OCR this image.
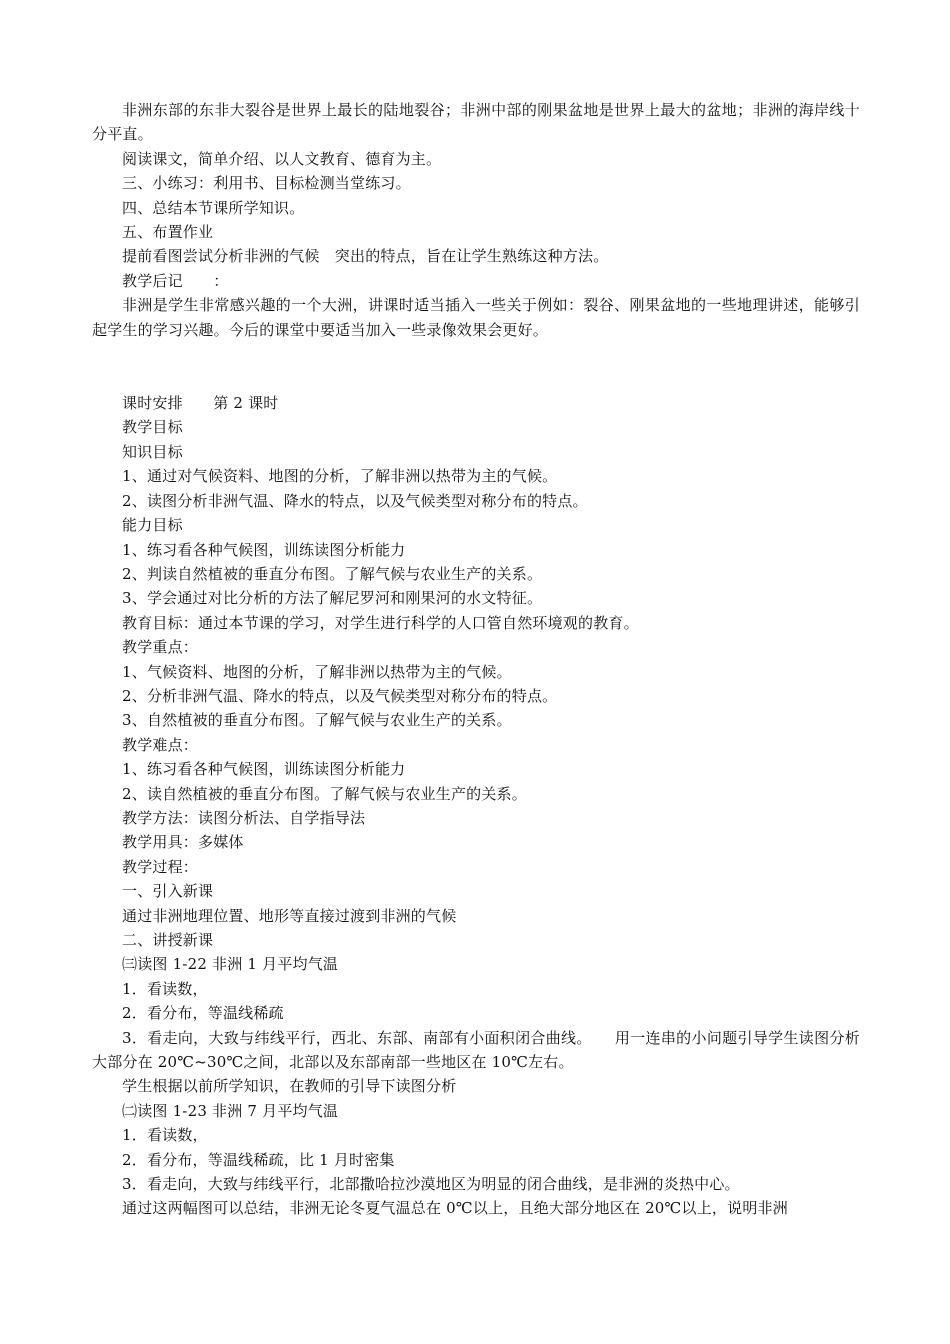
非洲东部的东非大裂谷是世界上最长的陆地裂谷；非洲中部的刚果盆地是世界上最大的盆地；非洲的海岸线十分平直。

阅读课文，简单介绍、以人文教育、德育为主。

三、小练习：利用书、目标检测当堂练习。

四、总结本节课所学知识。

五、布置作业

提前看图尝试分析非洲的气候　突出的特点，旨在让学生熟练这种方法。

教学后记　　：

非洲是学生非常感兴趣的一个大洲，讲课时适当插入一些关于例如：裂谷、刚果盆地的一些地理讲述，能够引起学生的学习兴趣。今后的课堂中要适当加入一些录像效果会更好。

课时安排　　第 2 课时

教学目标

知识目标

1、通过对气候资料、地图的分析，了解非洲以热带为主的气候。

2、读图分析非洲气温、降水的特点，以及气候类型对称分布的特点。

能力目标

1、练习看各种气候图，训练读图分析能力

2、判读自然植被的垂直分布图。了解气候与农业生产的关系。

3、学会通过对比分析的方法了解尼罗河和刚果河的水文特征。

教育目标：通过本节课的学习，对学生进行科学的人口管自然环境观的教育。

教学重点：

1、气候资料、地图的分析，了解非洲以热带为主的气候。

2、分析非洲气温、降水的特点，以及气候类型对称分布的特点。

3、自然植被的垂直分布图。了解气候与农业生产的关系。

教学难点：

1、练习看各种气候图，训练读图分析能力

2、读自然植被的垂直分布图。了解气候与农业生产的关系。

教学方法：读图分析法、自学指导法

教学用具：多媒体

教学过程：

一、引入新课

通过非洲地理位置、地形等直接过渡到非洲的气候

二、讲授新课

㈢读图 1-22 非洲 1 月平均气温

1．看读数，

2．看分布，等温线稀疏

3．看走向，大致与纬线平行，西北、东部、南部有小面积闭合曲线。　　用一连串的小问题引导学生读图分析大部分在 20℃~30℃之间，北部以及东部南部一些地区在 10℃左右。

学生根据以前所学知识，在教师的引导下读图分析

㈡读图 1-23 非洲 7 月平均气温

1．看读数，

2．看分布，等温线稀疏，比 1 月时密集

3．看走向，大致与纬线平行，北部撒哈拉沙漠地区为明显的闭合曲线，是非洲的炎热中心。

通过这两幅图可以总结，非洲无论冬夏气温总在 0℃以上，且绝大部分地区在 20℃以上，说明非洲
